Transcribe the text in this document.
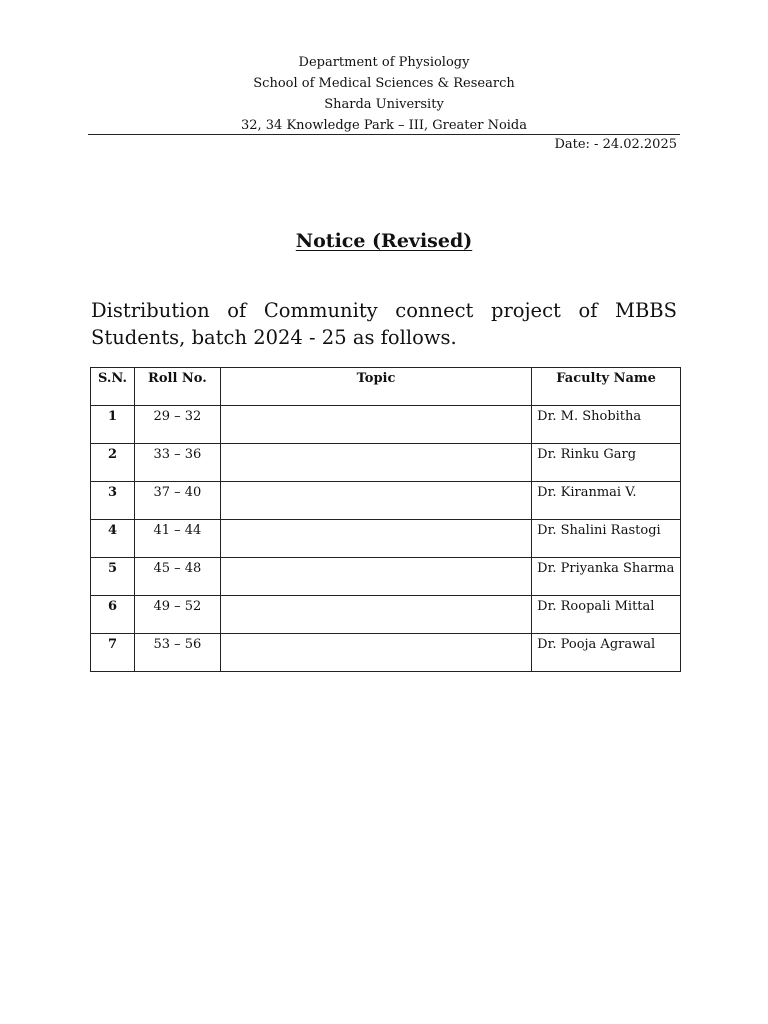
Department of Physiology
School of Medical Sciences & Research
Sharda University
32, 34 Knowledge Park – III, Greater Noida
Date: - 24.02.2025
Notice (Revised)

Distribution of Community connect project of MBBS Students, batch 2024 - 25 as follows.

S.N.	Roll No.	Topic	Faculty Name
1	29 – 32		Dr. M. Shobitha
2	33 – 36		Dr. Rinku Garg
3	37 – 40		Dr. Kiranmai V.
4	41 – 44		Dr. Shalini Rastogi
5	45 – 48		Dr. Priyanka Sharma
6	49 – 52		Dr. Roopali Mittal
7	53 – 56		Dr. Pooja Agrawal
